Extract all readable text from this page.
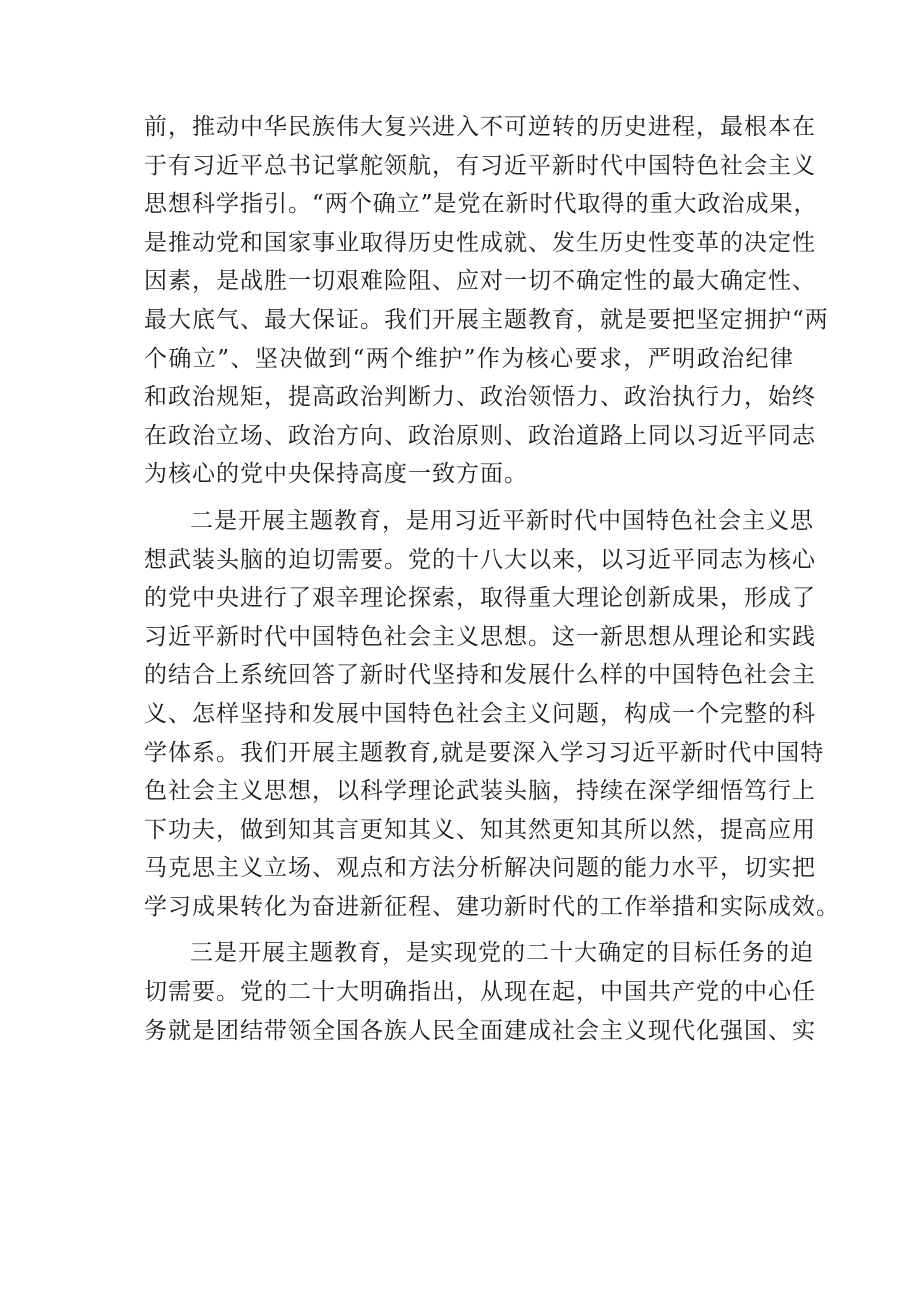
前，推动中华民族伟大复兴进入不可逆转的历史进程，最根本在
于有习近平总书记掌舵领航，有习近平新时代中国特色社会主义
思想科学指引。“两个确立”是党在新时代取得的重大政治成果，
是推动党和国家事业取得历史性成就、发生历史性变革的决定性
因素，是战胜一切艰难险阻、应对一切不确定性的最大确定性、
最大底气、最大保证。我们开展主题教育，就是要把坚定拥护“两
个确立”、坚决做到“两个维护”作为核心要求，严明政治纪律
和政治规矩，提高政治判断力、政治领悟力、政治执行力，始终
在政治立场、政治方向、政治原则、政治道路上同以习近平同志
为核心的党中央保持高度一致方面。
二是开展主题教育，是用习近平新时代中国特色社会主义思
想武装头脑的迫切需要。党的十八大以来，以习近平同志为核心
的党中央进行了艰辛理论探索，取得重大理论创新成果，形成了
习近平新时代中国特色社会主义思想。这一新思想从理论和实践
的结合上系统回答了新时代坚持和发展什么样的中国特色社会主
义、怎样坚持和发展中国特色社会主义问题，构成一个完整的科
学体系。我们开展主题教育,就是要深入学习习近平新时代中国特
色社会主义思想，以科学理论武装头脑，持续在深学细悟笃行上
下功夫，做到知其言更知其义、知其然更知其所以然，提高应用
马克思主义立场、观点和方法分析解决问题的能力水平，切实把
学习成果转化为奋进新征程、建功新时代的工作举措和实际成效。
三是开展主题教育，是实现党的二十大确定的目标任务的迫
切需要。党的二十大明确指出，从现在起，中国共产党的中心任
务就是团结带领全国各族人民全面建成社会主义现代化强国、实
